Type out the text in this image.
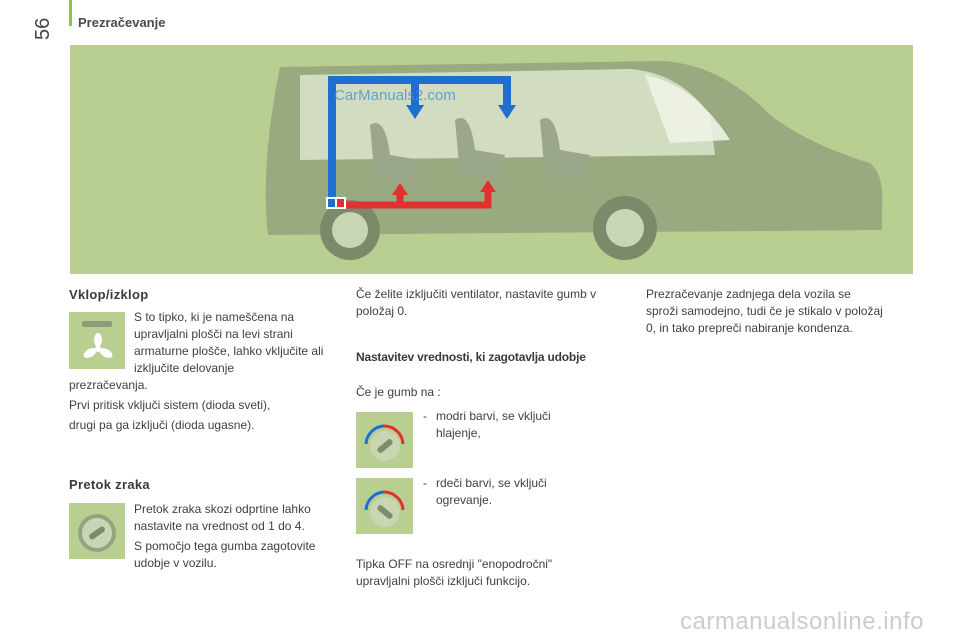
Prezračevanje
56
CarManuals2.com
Vklop/izklop
S to tipko, ki je nameščena na upravljalni plošči na levi strani armaturne plošče, lahko vključite ali izključite delovanje
prezračevanja.
Prvi pritisk vključi sistem (dioda sveti),
drugi pa ga izključi (dioda ugasne).
Pretok zraka
Pretok zraka skozi odprtine lahko nastavite na vrednost od 1 do 4.
S pomočjo tega gumba zagotovite udobje v vozilu.
Če želite izključiti ventilator, nastavite gumb v položaj 0.
Nastavitev vrednosti, ki zagotavlja udobje
Če je gumb na :
- modri barvi, se vključi hlajenje,
- rdeči barvi, se vključi ogrevanje.
Tipka OFF na osrednji "enopodročni" upravljalni plošči izključi funkcijo.
Prezračevanje zadnjega dela vozila se sproži samodejno, tudi če je stikalo v položaj 0, in tako prepreči nabiranje kondenza.
carmanualsonline.info
